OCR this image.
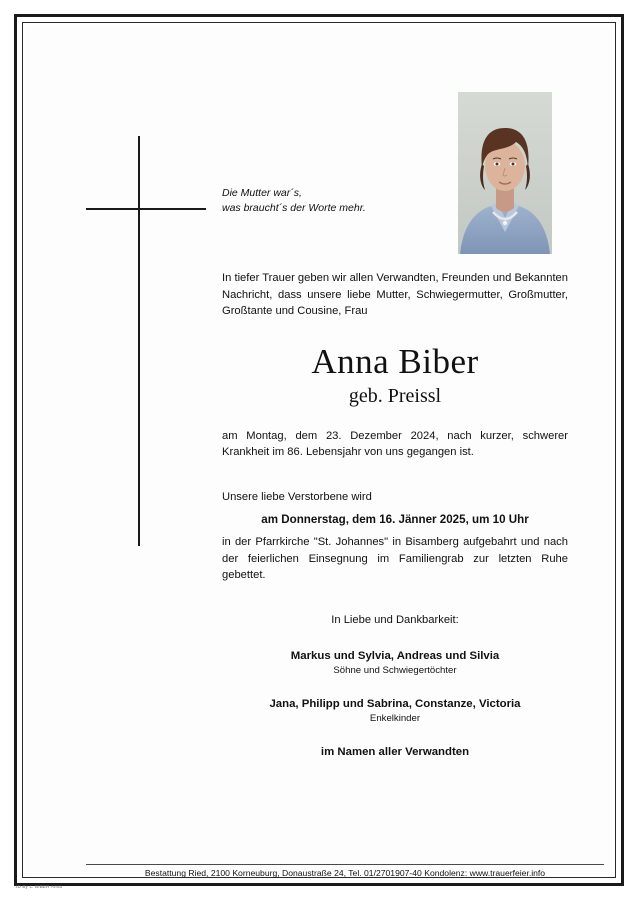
Die Mutter war´s,
was braucht´s der Worte mehr.
In tiefer Trauer geben wir allen Verwandten, Freunden und Bekannten Nachricht, dass unsere liebe Mutter, Schwiegermutter, Großmutter, Großtante und Cousine, Frau
Anna Biber
geb. Preissl
am Montag, dem 23. Dezember 2024, nach kurzer, schwerer Krankheit im 86. Lebensjahr von uns gegangen ist.
Unsere liebe Verstorbene wird
am Donnerstag, dem 16. Jänner 2025, um 10 Uhr
in der Pfarrkirche "St. Johannes" in Bisamberg aufgebahrt und nach der feierlichen Einsegnung im Familiengrab zur letzten Ruhe gebettet.
In Liebe und Dankbarkeit:
Markus und Sylvia, Andreas und Silvia
Söhne und Schwiegertöchter
Jana, Philipp und Sabrina, Constanze, Victoria
Enkelkinder
im Namen aller Verwandten
Bestattung Ried, 2100 Korneuburg, Donaustraße 24, Tel. 01/2701907-40 Kondolenz: www.trauerfeier.info
ID By L. BIBER Anna
